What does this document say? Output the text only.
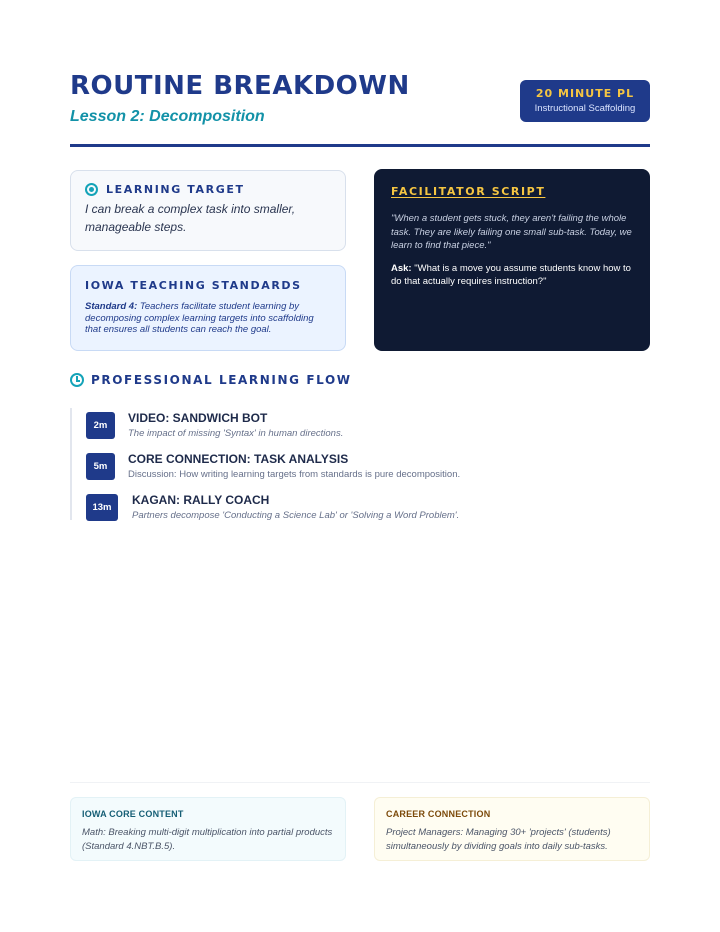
ROUTINE BREAKDOWN
Lesson 2: Decomposition
20 MINUTE PL
Instructional Scaffolding
LEARNING TARGET
I can break a complex task into smaller, manageable steps.
IOWA TEACHING STANDARDS
Standard 4: Teachers facilitate student learning by decomposing complex learning targets into scaffolding that ensures all students can reach the goal.
FACILITATOR SCRIPT
"When a student gets stuck, they aren't failing the whole task. They are likely failing one small sub-task. Today, we learn to find that piece."
Ask: "What is a move you assume students know how to do that actually requires instruction?"
PROFESSIONAL LEARNING FLOW
2m
VIDEO: SANDWICH BOT
The impact of missing 'Syntax' in human directions.
5m
CORE CONNECTION: TASK ANALYSIS
Discussion: How writing learning targets from standards is pure decomposition.
13m
KAGAN: RALLY COACH
Partners decompose 'Conducting a Science Lab' or 'Solving a Word Problem'.
IOWA CORE CONTENT
Math: Breaking multi-digit multiplication into partial products (Standard 4.NBT.B.5).
CAREER CONNECTION
Project Managers: Managing 30+ 'projects' (students) simultaneously by dividing goals into daily sub-tasks.
